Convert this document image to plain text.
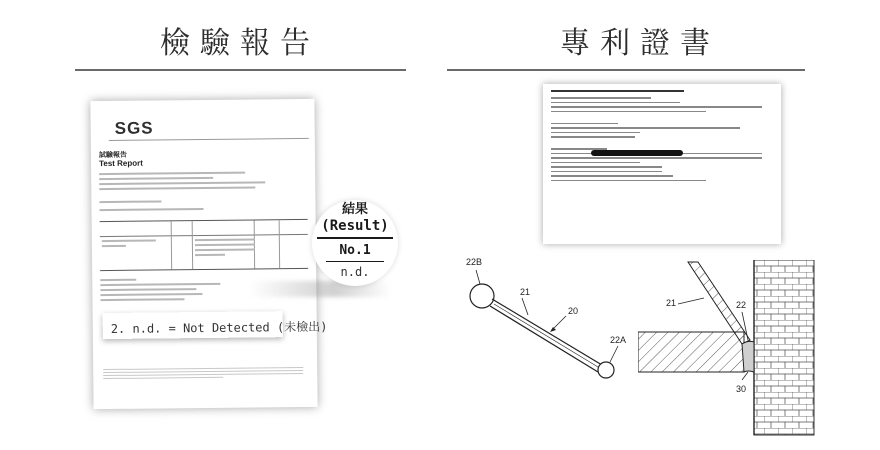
檢驗報告	專利證書
SGS
試驗報告
Test Report
2. n.d. = Not Detected (未檢出)
結果
(Result)
No.1
n.d.
22B
21
20
22A
21	22
30
